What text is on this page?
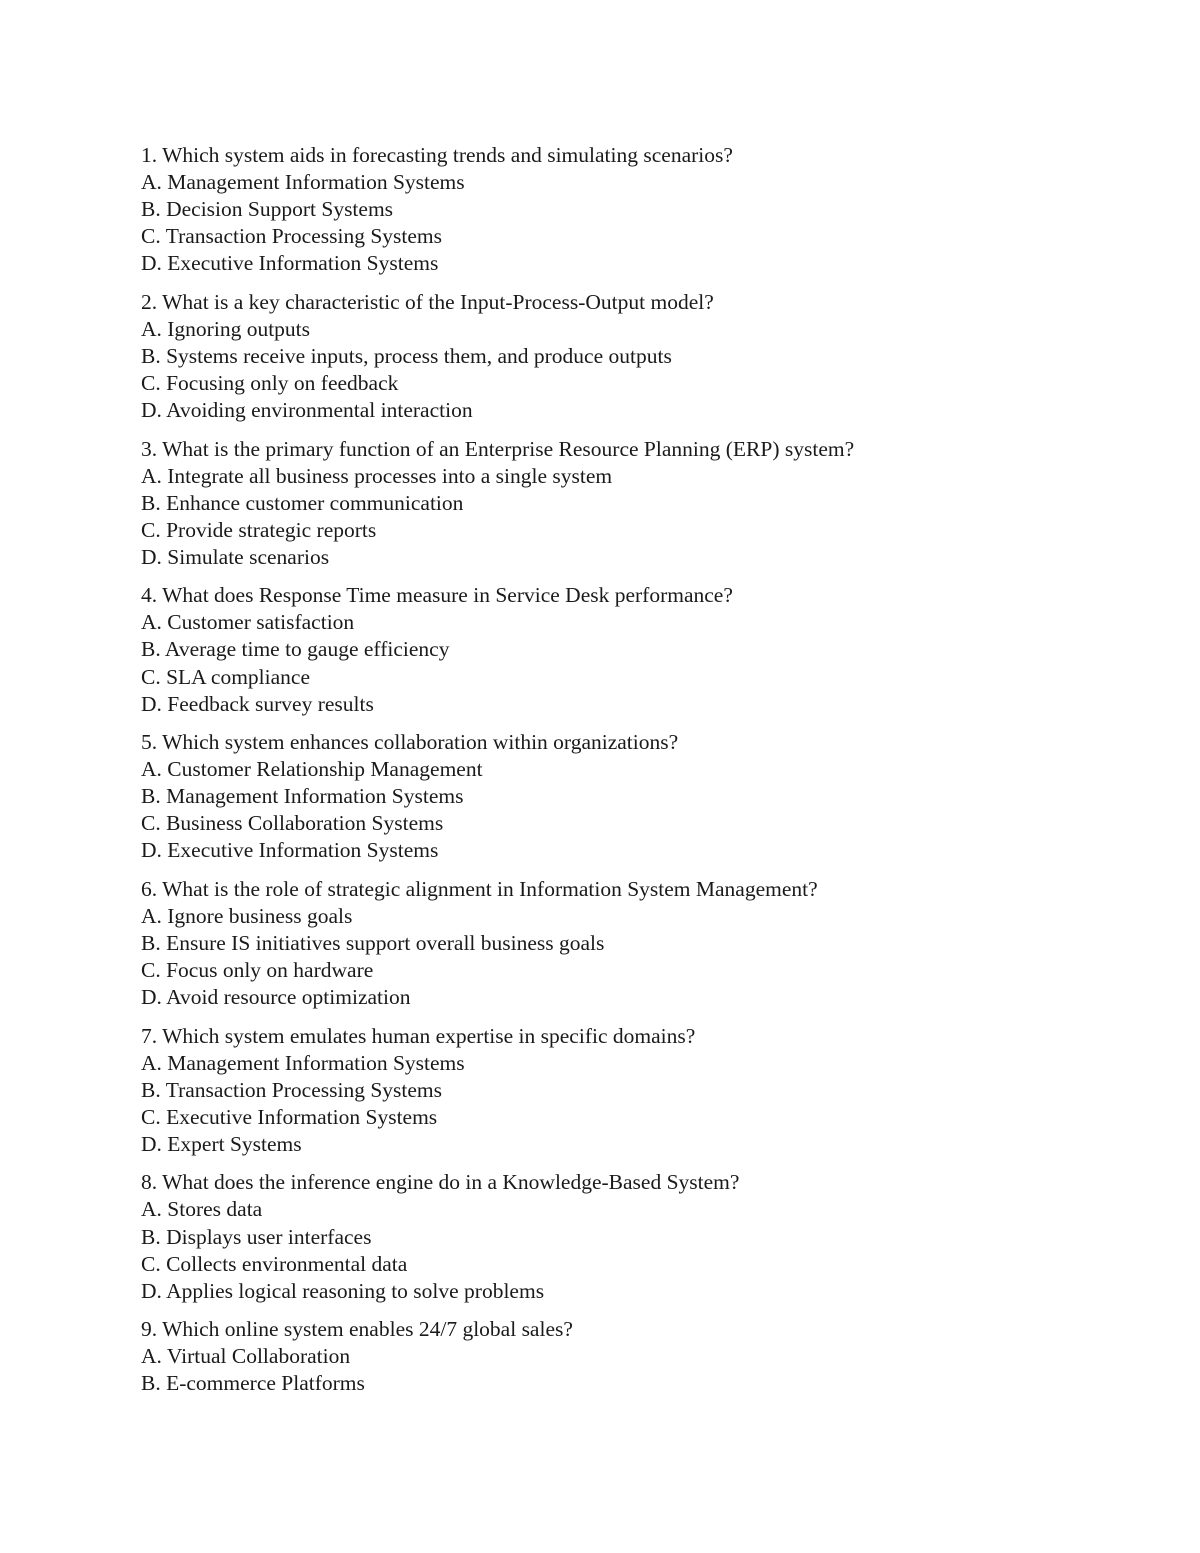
1. Which system aids in forecasting trends and simulating scenarios?
A. Management Information Systems
B. Decision Support Systems
C. Transaction Processing Systems
D. Executive Information Systems
2. What is a key characteristic of the Input-Process-Output model?
A. Ignoring outputs
B. Systems receive inputs, process them, and produce outputs
C. Focusing only on feedback
D. Avoiding environmental interaction
3. What is the primary function of an Enterprise Resource Planning (ERP) system?
A. Integrate all business processes into a single system
B. Enhance customer communication
C. Provide strategic reports
D. Simulate scenarios
4. What does Response Time measure in Service Desk performance?
A. Customer satisfaction
B. Average time to gauge efficiency
C. SLA compliance
D. Feedback survey results
5. Which system enhances collaboration within organizations?
A. Customer Relationship Management
B. Management Information Systems
C. Business Collaboration Systems
D. Executive Information Systems
6. What is the role of strategic alignment in Information System Management?
A. Ignore business goals
B. Ensure IS initiatives support overall business goals
C. Focus only on hardware
D. Avoid resource optimization
7. Which system emulates human expertise in specific domains?
A. Management Information Systems
B. Transaction Processing Systems
C. Executive Information Systems
D. Expert Systems
8. What does the inference engine do in a Knowledge-Based System?
A. Stores data
B. Displays user interfaces
C. Collects environmental data
D. Applies logical reasoning to solve problems
9. Which online system enables 24/7 global sales?
A. Virtual Collaboration
B. E-commerce Platforms
